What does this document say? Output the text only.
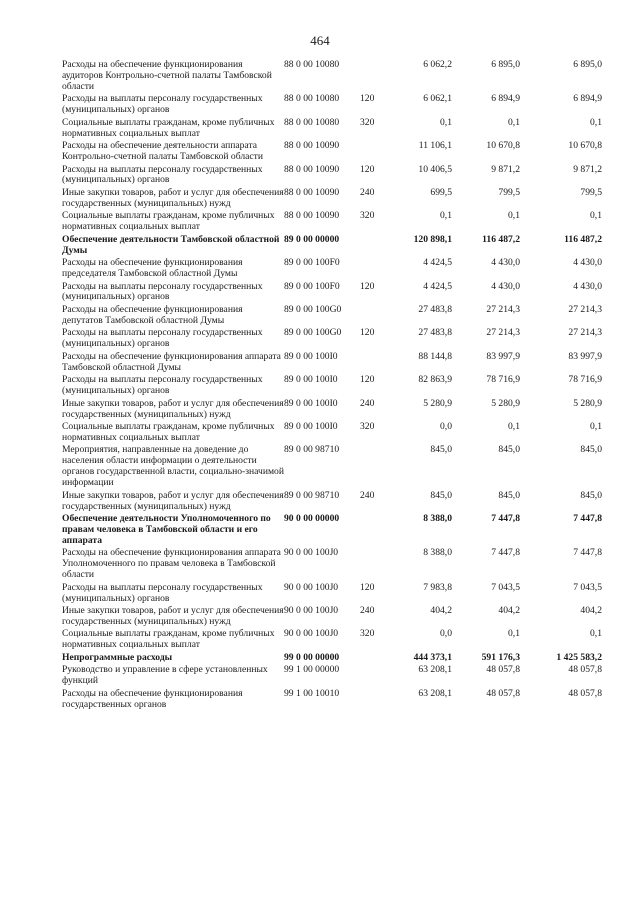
464
Расходы на обеспечение функционирования аудиторов Контрольно-счетной палаты Тамбовской области	88 0 00 10080		6 062,2	6 895,0	6 895,0
Расходы на выплаты персоналу государственных (муниципальных) органов	88 0 00 10080	120	6 062,1	6 894,9	6 894,9
Социальные выплаты гражданам, кроме публичных нормативных социальных выплат	88 0 00 10080	320	0,1	0,1	0,1
Расходы на обеспечение деятельности аппарата Контрольно-счетной палаты Тамбовской области	88 0 00 10090		11 106,1	10 670,8	10 670,8
Расходы на выплаты персоналу государственных (муниципальных) органов	88 0 00 10090	120	10 406,5	9 871,2	9 871,2
Иные закупки товаров, работ и услуг для обеспечения государственных (муниципальных) нужд	88 0 00 10090	240	699,5	799,5	799,5
Социальные выплаты гражданам, кроме публичных нормативных социальных выплат	88 0 00 10090	320	0,1	0,1	0,1
Обеспечение деятельности Тамбовской областной Думы	89 0 00 00000		120 898,1	116 487,2	116 487,2
Расходы на обеспечение функционирования председателя Тамбовской областной Думы	89 0 00 100F0		4 424,5	4 430,0	4 430,0
Расходы на выплаты персоналу государственных (муниципальных) органов	89 0 00 100F0	120	4 424,5	4 430,0	4 430,0
Расходы на обеспечение функционирования депутатов Тамбовской областной Думы	89 0 00 100G0		27 483,8	27 214,3	27 214,3
Расходы на выплаты персоналу государственных (муниципальных) органов	89 0 00 100G0	120	27 483,8	27 214,3	27 214,3
Расходы на обеспечение функционирования аппарата Тамбовской областной Думы	89 0 00 100I0		88 144,8	83 997,9	83 997,9
Расходы на выплаты персоналу государственных (муниципальных) органов	89 0 00 100I0	120	82 863,9	78 716,9	78 716,9
Иные закупки товаров, работ и услуг для обеспечения государственных (муниципальных) нужд	89 0 00 100I0	240	5 280,9	5 280,9	5 280,9
Социальные выплаты гражданам, кроме публичных нормативных социальных выплат	89 0 00 100I0	320	0,0	0,1	0,1
Мероприятия, направленные на доведение до населения области информации о деятельности органов государственной власти, социально-значимой информации	89 0 00 98710		845,0	845,0	845,0
Иные закупки товаров, работ и услуг для обеспечения государственных (муниципальных) нужд	89 0 00 98710	240	845,0	845,0	845,0
Обеспечение деятельности Уполномоченного по правам человека в Тамбовской области и его аппарата	90 0 00 00000		8 388,0	7 447,8	7 447,8
Расходы на обеспечение функционирования аппарата Уполномоченного по правам человека в Тамбовской области	90 0 00 100J0		8 388,0	7 447,8	7 447,8
Расходы на выплаты персоналу государственных (муниципальных) органов	90 0 00 100J0	120	7 983,8	7 043,5	7 043,5
Иные закупки товаров, работ и услуг для обеспечения государственных (муниципальных) нужд	90 0 00 100J0	240	404,2	404,2	404,2
Социальные выплаты гражданам, кроме публичных нормативных социальных выплат	90 0 00 100J0	320	0,0	0,1	0,1
Непрограммные расходы	99 0 00 00000		444 373,1	591 176,3	1 425 583,2
Руководство и управление в сфере установленных функций	99 1 00 00000		63 208,1	48 057,8	48 057,8
Расходы на обеспечение функционирования государственных органов	99 1 00 10010		63 208,1	48 057,8	48 057,8
